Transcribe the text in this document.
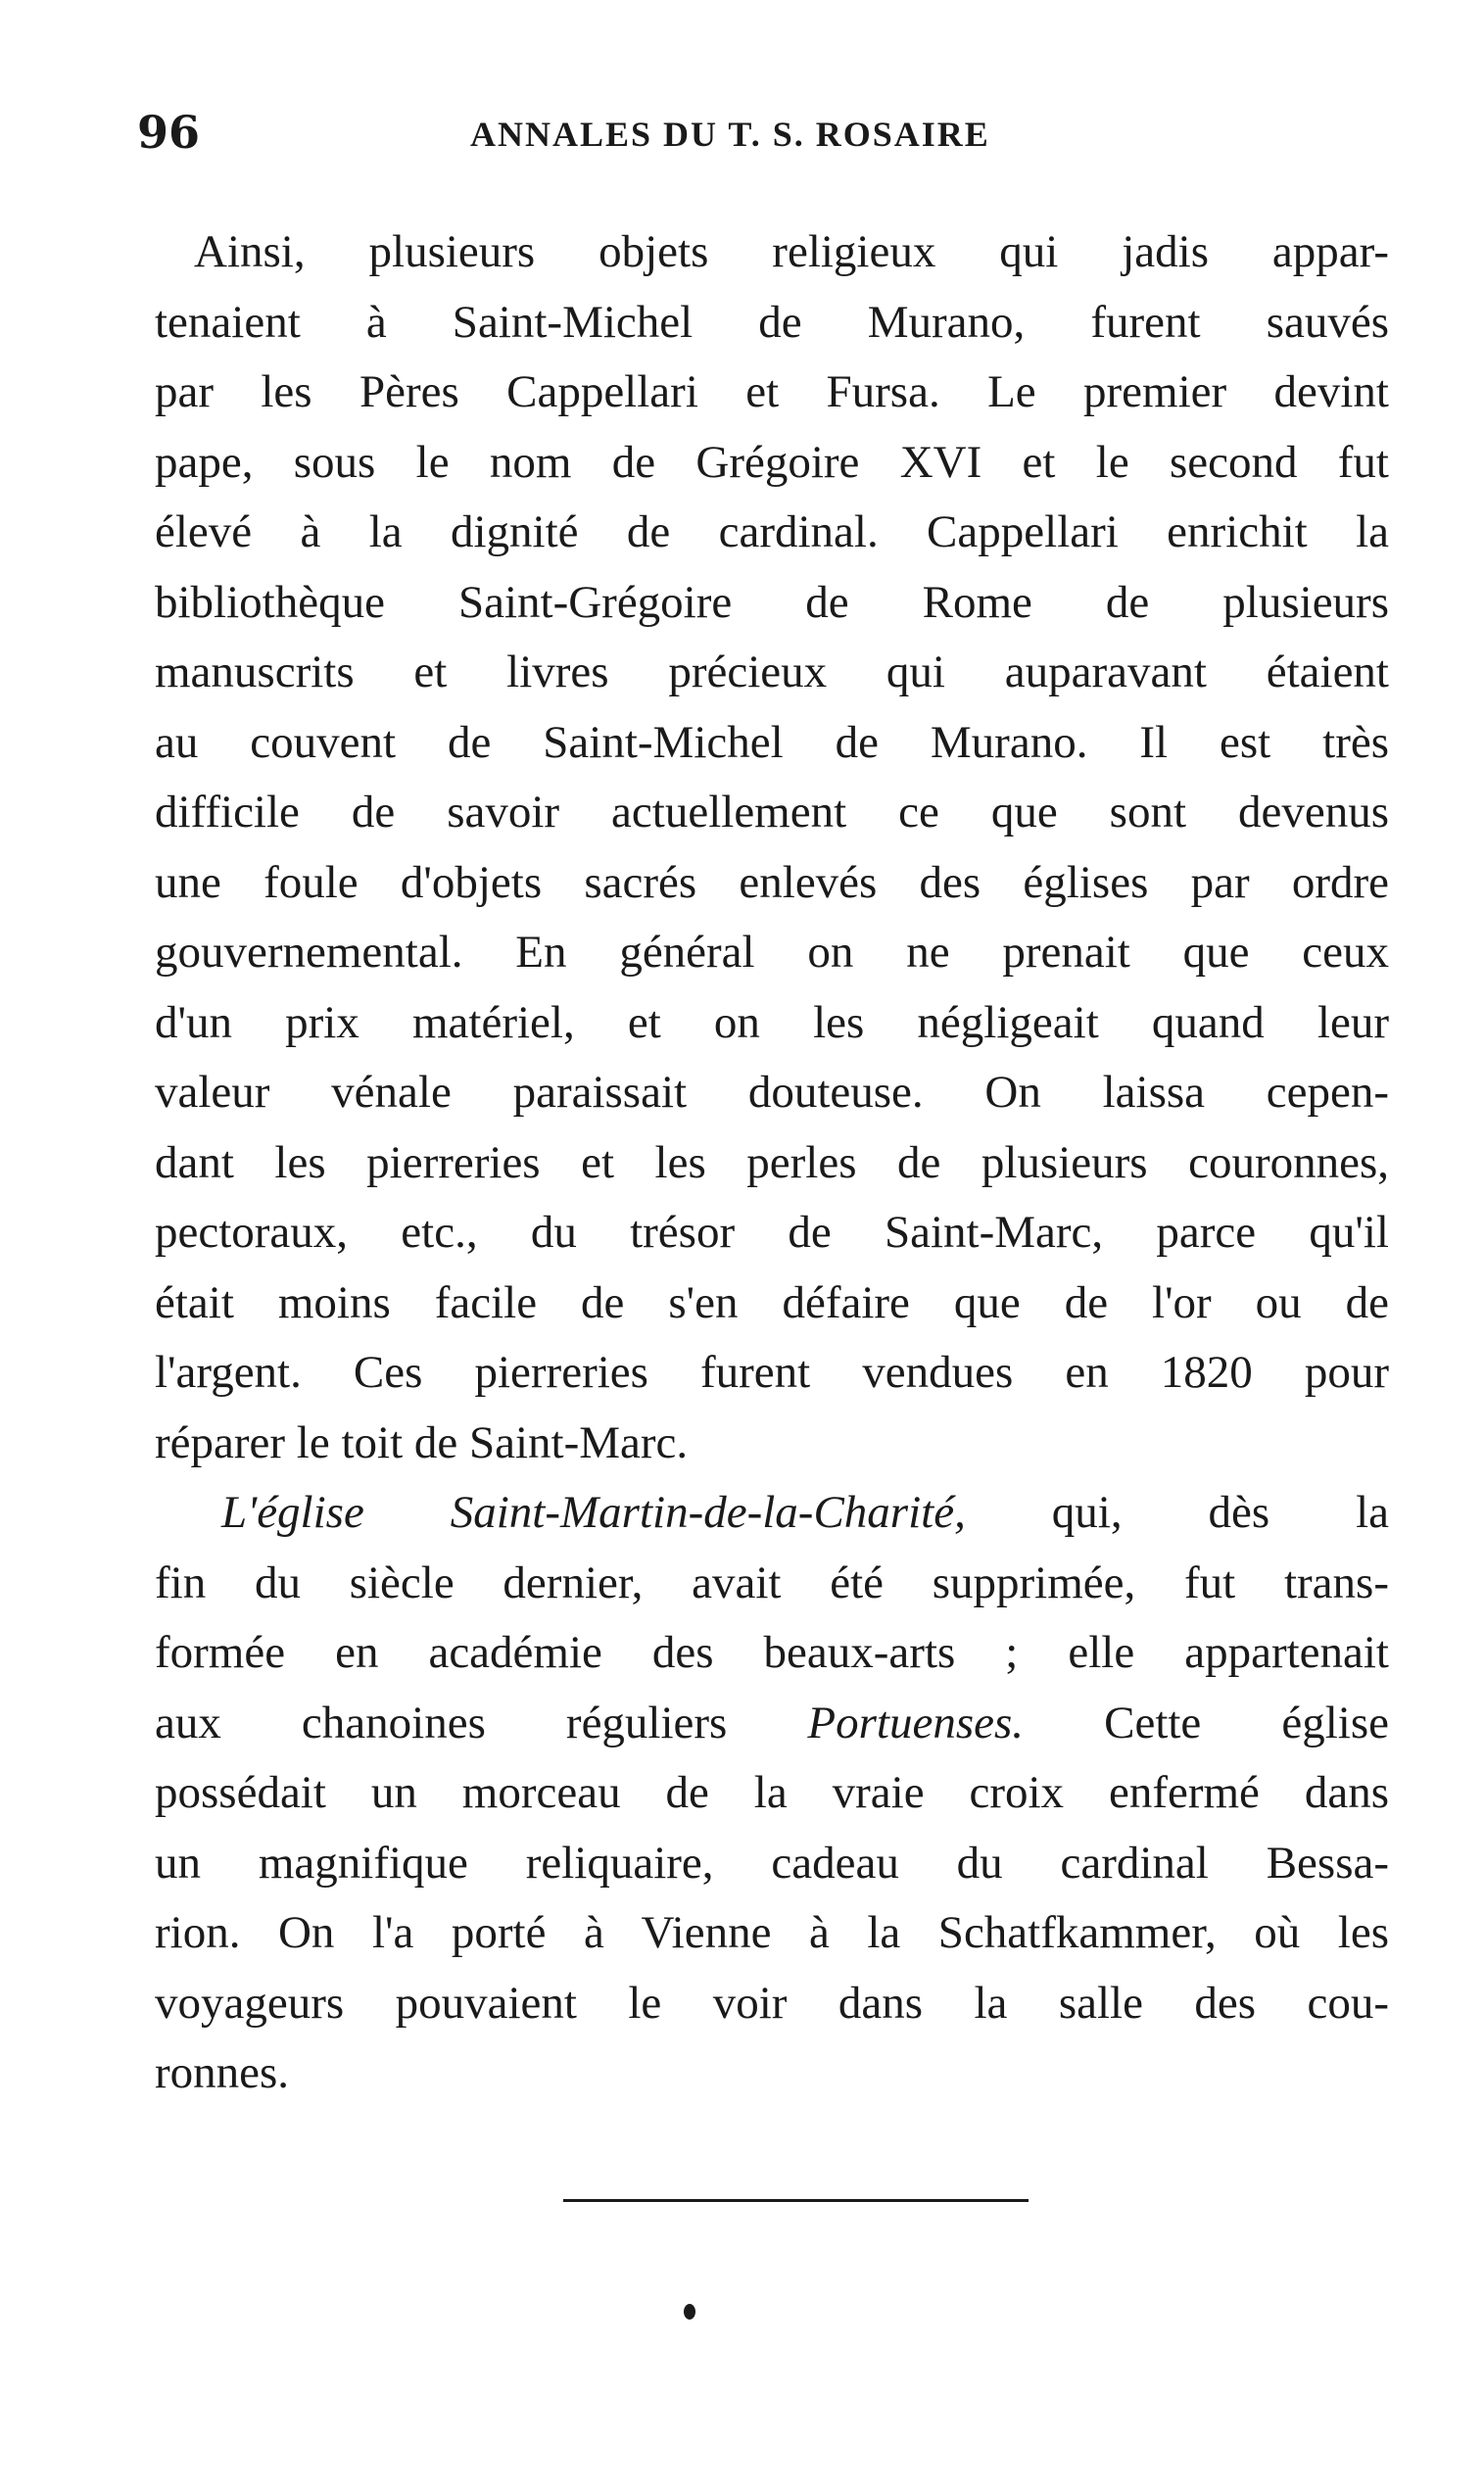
96	ANNALES DU T. S. ROSAIRE
Ainsi, plusieurs objets religieux qui jadis appar-
tenaient à Saint-Michel de Murano, furent sauvés
par les Pères Cappellari et Fursa. Le premier devint
pape, sous le nom de Grégoire XVI et le second fut
élevé à la dignité de cardinal. Cappellari enrichit la
bibliothèque Saint-Grégoire de Rome de plusieurs
manuscrits et livres précieux qui auparavant étaient
au couvent de Saint-Michel de Murano. Il est très
difficile de savoir actuellement ce que sont devenus
une foule d'objets sacrés enlevés des églises par ordre
gouvernemental. En général on ne prenait que ceux
d'un prix matériel, et on les négligeait quand leur
valeur vénale paraissait douteuse. On laissa cepen-
dant les pierreries et les perles de plusieurs couronnes,
pectoraux, etc., du trésor de Saint-Marc, parce qu'il
était moins facile de s'en défaire que de l'or ou de
l'argent. Ces pierreries furent vendues en 1820 pour
réparer le toit de Saint-Marc.
L'église Saint-Martin-de-la-Charité, qui, dès la
fin du siècle dernier, avait été supprimée, fut trans-
formée en académie des beaux-arts ; elle appartenait
aux chanoines réguliers Portuenses. Cette église
possédait un morceau de la vraie croix enfermé dans
un magnifique reliquaire, cadeau du cardinal Bessa-
rion. On l'a porté à Vienne à la Schatfkammer, où les
voyageurs pouvaient le voir dans la salle des cou-
ronnes.
